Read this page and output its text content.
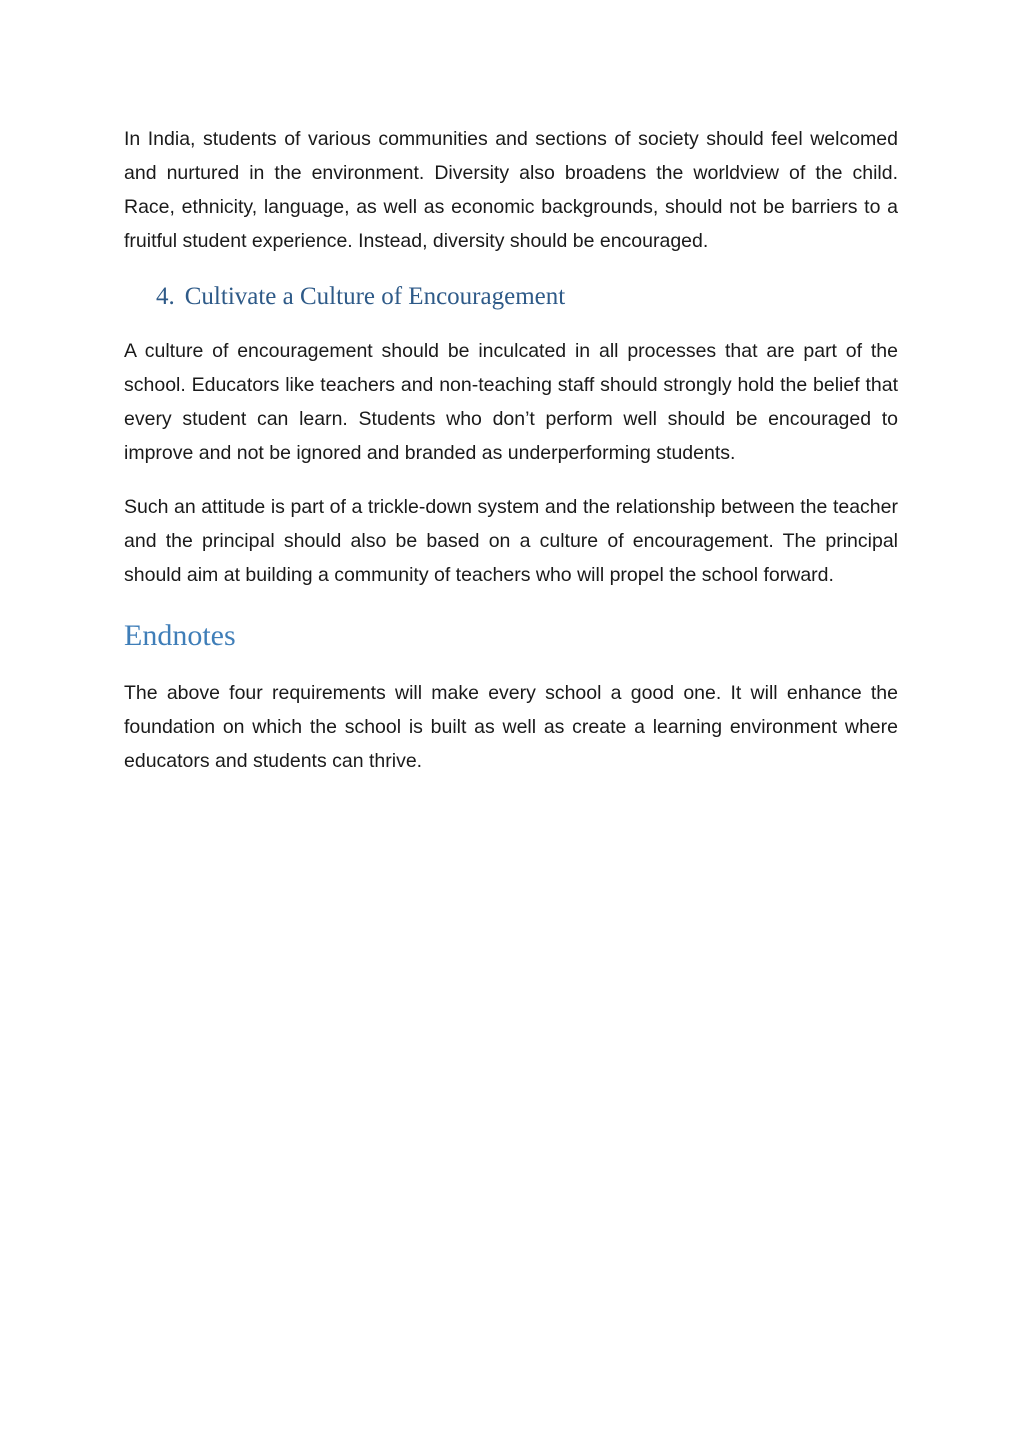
In India, students of various communities and sections of society should feel welcomed and nurtured in the environment. Diversity also broadens the worldview of the child. Race, ethnicity, language, as well as economic backgrounds, should not be barriers to a fruitful student experience. Instead, diversity should be encouraged.

4. Cultivate a Culture of Encouragement

A culture of encouragement should be inculcated in all processes that are part of the school. Educators like teachers and non-teaching staff should strongly hold the belief that every student can learn. Students who don’t perform well should be encouraged to improve and not be ignored and branded as underperforming students.

Such an attitude is part of a trickle-down system and the relationship between the teacher and the principal should also be based on a culture of encouragement. The principal should aim at building a community of teachers who will propel the school forward.

Endnotes

The above four requirements will make every school a good one. It will enhance the foundation on which the school is built as well as create a learning environment where educators and students can thrive.
